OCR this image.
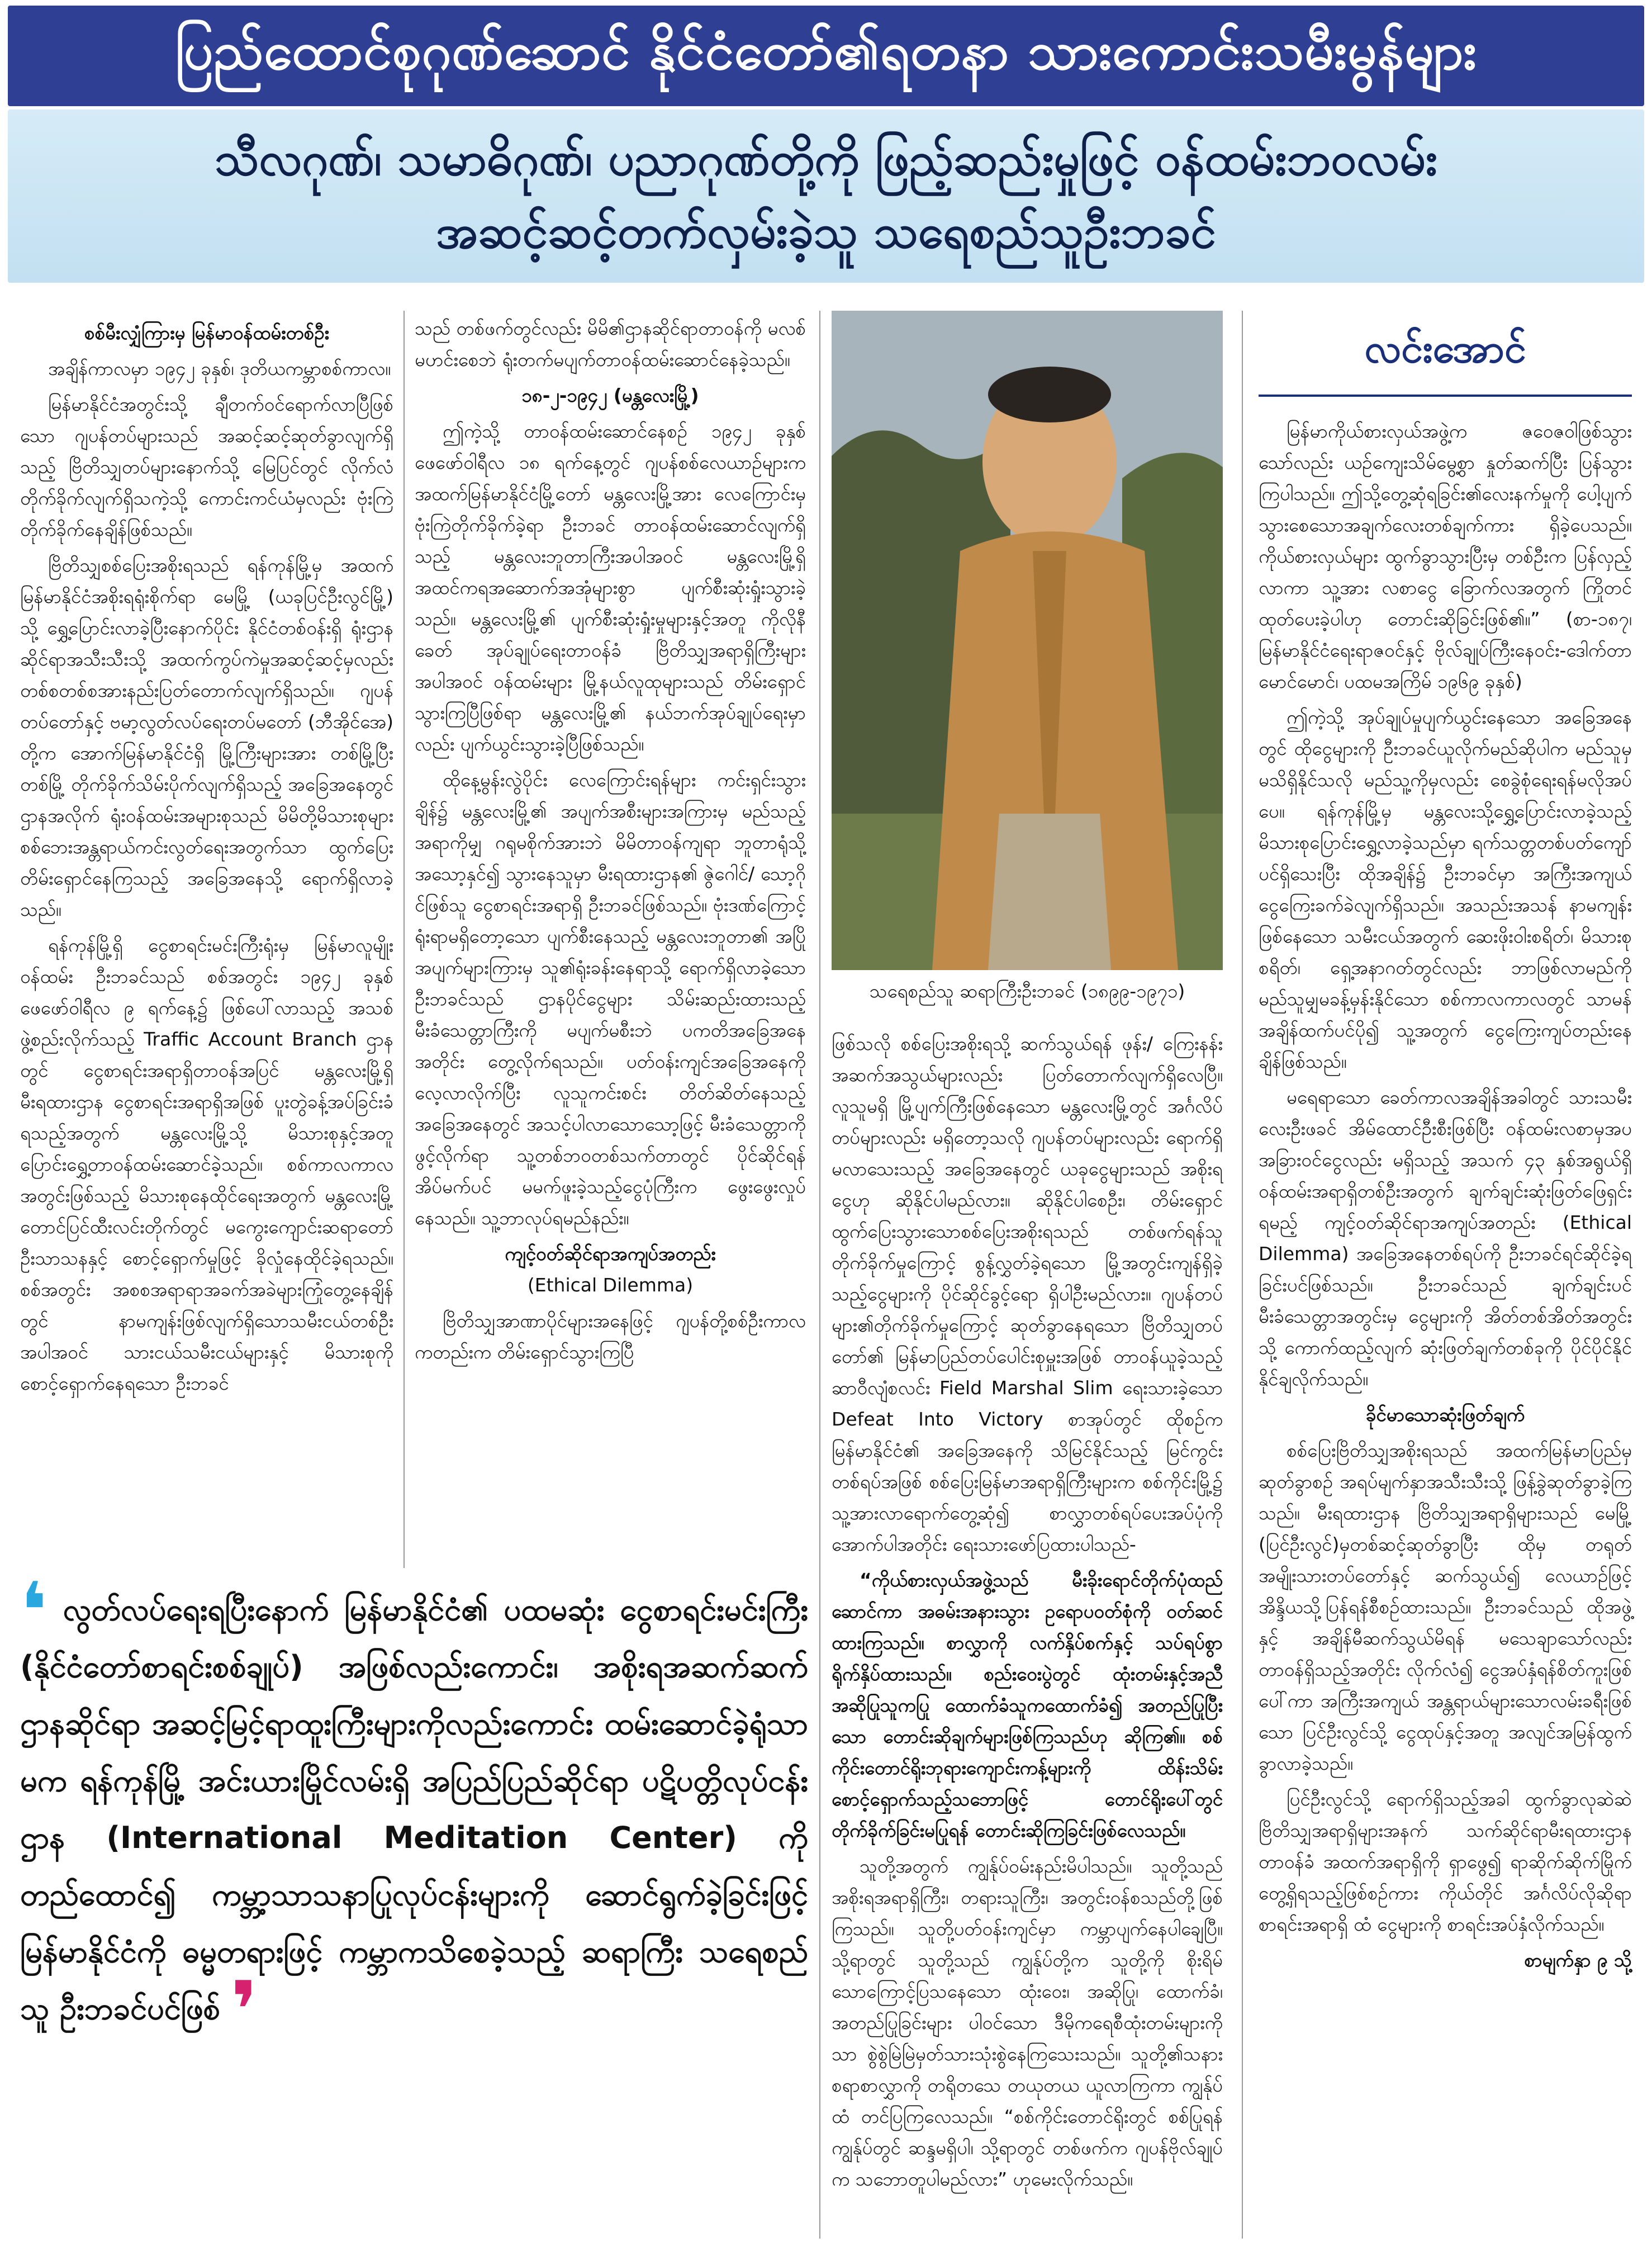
ပြည်ထောင်စုဂုဏ်ဆောင် နိုင်ငံတော်၏ရတနာ သားကောင်းသမီးမွန်များ
သီလဂုဏ်၊ သမာဓိဂုဏ်၊ ပညာဂုဏ်တို့ကို ဖြည့်ဆည်းမှုဖြင့် ဝန်ထမ်းဘဝလမ်း
အဆင့်ဆင့်တက်လှမ်းခဲ့သူ သရေစည်သူဦးဘခင်

စစ်မီးလျှံကြားမှ မြန်မာဝန်ထမ်းတစ်ဦး

အချိန်ကာလမှာ ၁၉၄၂ ခုနှစ်၊ ဒုတိယကမ္ဘာစစ်ကာလ။

မြန်မာနိုင်ငံအတွင်းသို့ ချီတက်ဝင်ရောက်လာပြီဖြစ်သော ဂျပန်တပ်များသည် အဆင့်ဆင့်ဆုတ်ခွာလျက်ရှိသည့် ဗြိတိသျှတပ်များနောက်သို့ မြေပြင်တွင် လိုက်လံတိုက်ခိုက်လျက်ရှိသကဲ့သို့ ကောင်းကင်ယံမှလည်း ဗုံးကြဲတိုက်ခိုက်နေချိန်ဖြစ်သည်။

ဗြိတိသျှစစ်ပြေးအစိုးရသည် ရန်ကုန်မြို့မှ အထက်မြန်မာနိုင်ငံအစိုးရရုံးစိုက်ရာ မေမြို့ (ယခုပြင်ဦးလွင်မြို့) သို့ ရွှေ့ပြောင်းလာခဲ့ပြီးနောက်ပိုင်း နိုင်ငံတစ်ဝန်းရှိ ရုံးဌာနဆိုင်ရာအသီးသီးသို့ အထက်ကွပ်ကဲမှုအဆင့်ဆင့်မှလည်း တစ်စတစ်စအားနည်းပြတ်တောက်လျက်ရှိသည်။ ဂျပန်တပ်တော်နှင့် ဗမာ့လွတ်လပ်ရေးတပ်မတော် (ဘီအိုင်အေ) တို့က အောက်မြန်မာနိုင်ငံရှိ မြို့ကြီးများအား တစ်မြို့ပြီးတစ်မြို့ တိုက်ခိုက်သိမ်းပိုက်လျက်ရှိသည့် အခြေအနေတွင် ဌာနအလိုက် ရုံးဝန်ထမ်းအများစုသည် မိမိတို့မိသားစုများ စစ်ဘေးအန္တရာယ်ကင်းလွတ်ရေးအတွက်သာ ထွက်ပြေးတိမ်းရှောင်နေကြသည့် အခြေအနေသို့ ရောက်ရှိလာခဲ့သည်။

ရန်ကုန်မြို့ရှိ ငွေစာရင်းမင်းကြီးရုံးမှ မြန်မာလူမျိုးဝန်ထမ်း ဦးဘခင်သည် စစ်အတွင်း ၁၉၄၂ ခုနှစ် ဖေဖော်ဝါရီလ ၉ ရက်နေ့၌ ဖြစ်ပေါ်လာသည့် အသစ်ဖွဲ့စည်းလိုက်သည့် Traffic Account Branch ဌာနတွင် ငွေစာရင်းအရာရှိတာဝန်အပြင် မန္တလေးမြို့ရှိ မီးရထားဌာန ငွေစာရင်းအရာရှိအဖြစ် ပူးတွဲခန့်အပ်ခြင်းခံရသည့်အတွက် မန္တလေးမြို့သို့ မိသားစုနှင့်အတူ ပြောင်းရွှေ့တာဝန်ထမ်းဆောင်ခဲ့သည်။ စစ်ကာလကာလအတွင်းဖြစ်သည့် မိသားစုနေထိုင်ရေးအတွက် မန္တလေးမြို့ တောင်ပြင်ထီးလင်းတိုက်တွင် မကွေးကျောင်းဆရာတော်ဦးသာသနနှင့် စောင့်ရှောက်မှုဖြင့် ခိုလှုံနေထိုင်ခဲ့ရသည်။ စစ်အတွင်း အစစအရာရာအခက်အခဲများကြုံတွေ့နေချိန်တွင် နာမကျန်းဖြစ်လျက်ရှိသောသမီးငယ်တစ်ဦးအပါအဝင် သားငယ်သမီးငယ်များနှင့် မိသားစုကိုစောင့်ရှောက်နေရသော ဦးဘခင်

သည် တစ်ဖက်တွင်လည်း မိမိ၏ဌာနဆိုင်ရာတာဝန်ကို မလစ်မဟင်းစေဘဲ ရုံးတက်မပျက်တာဝန်ထမ်းဆောင်နေခဲ့သည်။

၁၈-၂-၁၉၄၂ (မန္တလေးမြို့)

ဤကဲ့သို့ တာဝန်ထမ်းဆောင်နေစဉ် ၁၉၄၂ ခုနှစ် ဖေဖော်ဝါရီလ ၁၈ ရက်နေ့တွင် ဂျပန်စစ်လေယာဉ်များက အထက်မြန်မာနိုင်ငံမြို့တော် မန္တလေးမြို့အား လေကြောင်းမှ ဗုံးကြဲတိုက်ခိုက်ခဲ့ရာ ဦးဘခင် တာဝန်ထမ်းဆောင်လျက်ရှိသည့် မန္တလေးဘူတာကြီးအပါအဝင် မန္တလေးမြို့ရှိ အထင်ကရအဆောက်အအုံများစွာ ပျက်စီးဆုံးရှုံးသွားခဲ့သည်။ မန္တလေးမြို့၏ ပျက်စီးဆုံးရှုံးမှုများနှင့်အတူ ကိုလိုနီခေတ် အုပ်ချုပ်ရေးတာဝန်ခံ ဗြိတိသျှအရာရှိကြီးများအပါအဝင် ဝန်ထမ်းများ မြို့နယ်လူထုများသည် တိမ်းရှောင်သွားကြပြီဖြစ်ရာ မန္တလေးမြို့၏ နယ်ဘက်အုပ်ချုပ်ရေးမှာလည်း ပျက်ယွင်းသွားခဲ့ပြီဖြစ်သည်။

ထိုနေ့မွန်းလွဲပိုင်း လေကြောင်းရန်များ ကင်းရှင်းသွားချိန်၌ မန္တလေးမြို့၏ အပျက်အစီးများအကြားမှ မည်သည့်အရာကိုမျှ ဂရုမစိုက်အားဘဲ မိမိတာဝန်ကျရာ ဘူတာရုံသို့ အသော့နှင်၍ သွားနေသူမှာ မီးရထားဌာန၏ ဇွဲဂေါင်/ သော့ဂိုင်ဖြစ်သူ ငွေစာရင်းအရာရှိ ဦးဘခင်ဖြစ်သည်။ ဗုံးဒဏ်ကြောင့် ရုံးရာမရှိတော့သော ပျက်စီးနေသည့် မန္တလေးဘူတာ၏ အပြိုအပျက်များကြားမှ သူ၏ရုံးခန်းနေရာသို့ ရောက်ရှိလာခဲ့သော ဦးဘခင်သည် ဌာနပိုင်ငွေများ သိမ်းဆည်းထားသည့် မီးခံသေတ္တာကြီးကို မပျက်မစီးဘဲ ပကတိအခြေအနေအတိုင်း တွေ့လိုက်ရသည်။ ပတ်ဝန်းကျင်အခြေအနေကို လေ့လာလိုက်ပြီး လူသူကင်းစင်း တိတ်ဆိတ်နေသည့်အခြေအနေတွင် အသင့်ပါလာသောသော့ဖြင့် မီးခံသေတ္တာကို ဖွင့်လိုက်ရာ သူ့တစ်ဘဝတစ်သက်တာတွင် ပိုင်ဆိုင်ရန် အိပ်မက်ပင် မမက်ဖူးခဲ့သည့်ငွေပုံကြီးက ဖွေးဖွေးလှုပ်နေသည်။ သူ့ဘာလုပ်ရမည်နည်း။

ကျင့်ဝတ်ဆိုင်ရာအကျပ်အတည်း

(Ethical Dilemma)

ဗြိတိသျှအာဏာပိုင်များအနေဖြင့် ဂျပန်တို့စစ်ဦးကာလကတည်းက တိမ်းရှောင်သွားကြပြီ

သရေစည်သူ ဆရာကြီးဦးဘခင် (၁၈၉၉-၁၉၇၁)

ဖြစ်သလို စစ်ပြေးအစိုးရသို့ ဆက်သွယ်ရန် ဖုန်း/ ကြေးနန်းအဆက်အသွယ်များလည်း ပြတ်တောက်လျက်ရှိလေပြီ။ လူသူမရှိ မြို့ပျက်ကြီးဖြစ်နေသော မန္တလေးမြို့တွင် အင်္ဂလိပ်တပ်များလည်း မရှိတော့သလို ဂျပန်တပ်များလည်း ရောက်ရှိမလာသေးသည့် အခြေအနေတွင် ယခုငွေများသည် အစိုးရငွေဟု ဆိုနိုင်ပါမည်လား။ ဆိုနိုင်ပါစေဦး၊ တိမ်းရှောင်ထွက်ပြေးသွားသောစစ်ပြေးအစိုးရသည် တစ်ဖက်ရန်သူတိုက်ခိုက်မှုကြောင့် စွန့်လွှတ်ခဲ့ရသော မြို့အတွင်းကျန်ရှိခဲ့သည့်ငွေများကို ပိုင်ဆိုင်ခွင့်ရော ရှိပါဦးမည်လား။ ဂျပန်တပ်များ၏တိုက်ခိုက်မှုကြောင့် ဆုတ်ခွာနေရသော ဗြိတိသျှတပ်တော်၏ မြန်မာပြည်တပ်ပေါင်းစုမှူးအဖြစ် တာဝန်ယူခဲ့သည့် ဆာဝီလျံစလင်း Field Marshal Slim ရေးသားခဲ့သော Defeat Into Victory စာအုပ်တွင် ထိုစဉ်က မြန်မာနိုင်ငံ၏ အခြေအနေကို သိမြင်နိုင်သည့် မြင်ကွင်းတစ်ရပ်အဖြစ် စစ်ပြေးမြန်မာအရာရှိကြီးများက စစ်ကိုင်းမြို့၌ သူ့အားလာရောက်တွေ့ဆုံ၍ စာလွှာတစ်ရပ်ပေးအပ်ပုံကို အောက်ပါအတိုင်း ရေးသားဖော်ပြထားပါသည်-

“ကိုယ်စားလှယ်အဖွဲ့သည် မီးခိုးရောင်တိုက်ပုံထည်ဆောင်ကာ အဓမ်းအနားသွား ဥရောပဝတ်စုံကို ဝတ်ဆင်ထားကြသည်။ စာလွှာကို လက်နှိပ်စက်နှင့် သပ်ရပ်စွာ ရိုက်နှိပ်ထားသည်။ စည်းဝေးပွဲတွင် ထုံးတမ်းနှင့်အညီ အဆိုပြုသူကပြု ထောက်ခံသူကထောက်ခံ၍ အတည်ပြုပြီးသော တောင်းဆိုချက်များဖြစ်ကြသည်ဟု ဆိုကြ၏။ စစ်ကိုင်းတောင်ရိုးဘုရားကျောင်းကန့်များကို ထိန်းသိမ်းစောင့်ရှောက်သည့်သဘောဖြင့် တောင်ရိုးပေါ်တွင် တိုက်ခိုက်ခြင်းမပြုရန် တောင်းဆိုကြခြင်းဖြစ်လေသည်။

သူတို့အတွက် ကျွန်ုပ်ဝမ်းနည်းမိပါသည်။ သူတို့သည် အစိုးရအရာရှိကြီး၊ တရားသူကြီး၊ အတွင်းဝန်စသည်တို့ဖြစ်ကြသည်။ သူတို့ပတ်ဝန်းကျင်မှာ ကမ္ဘာပျက်နေပါချေပြီ။ သို့ရာတွင် သူတို့သည် ကျွန်ုပ်တို့က သူတို့ကို စိုးရိမ်သောကြောင့်ပြသနေသော ထုံးဝေး၊ အဆိုပြု၊ ထောက်ခံ၊ အတည်ပြုခြင်းများ ပါဝင်သော ဒီမိုကရေစီထုံးတမ်းများကိုသာ စွဲစွဲမြဲမြဲမှတ်သားသုံးစွဲနေကြသေးသည်။ သူတို့၏သနားစရာစာလွှာကို တရိုတသေ တယုတယ ယူလာကြကာ ကျွန်ုပ်ထံ တင်ပြကြလေသည်။ “စစ်ကိုင်းတောင်ရိုးတွင် စစ်ပြုရန် ကျွန်ုပ်တွင် ဆန္ဒမရှိပါ၊ သို့ရာတွင် တစ်ဖက်က ဂျပန်ဗိုလ်ချုပ်က သဘောတူပါမည်လား” ဟုမေးလိုက်သည်။

လင်းအောင်

မြန်မာကိုယ်စားလှယ်အဖွဲ့က ဇဝေဇဝါဖြစ်သွားသော်လည်း ယဉ်ကျေးသိမ်မွေ့စွာ နှုတ်ဆက်ပြီး ပြန်သွားကြပါသည်။ ဤသို့တွေ့ဆုံရခြင်း၏လေးနက်မှုကို ပေါ့ပျက်သွားစေသောအချက်လေးတစ်ချက်ကား ရှိခဲ့ပေသည်။ ကိုယ်စားလှယ်များ ထွက်ခွာသွားပြီးမှ တစ်ဦးက ပြန်လှည့်လာကာ သူ့အား လစာငွေ ခြောက်လအတွက် ကြိုတင်ထုတ်ပေးခဲ့ပါဟု တောင်းဆိုခြင်းဖြစ်၏။” (စာ-၁၈၇၊ မြန်မာနိုင်ငံရေးရာဇဝင်နှင့် ဗိုလ်ချုပ်ကြီးနေဝင်း-ဒေါက်တာမောင်မောင်၊ ပထမအကြိမ် ၁၉၆၉ ခုနှစ်)

ဤကဲ့သို့ အုပ်ချုပ်မှုပျက်ယွင်းနေသော အခြေအနေတွင် ထိုငွေများကို ဦးဘခင်ယူလိုက်မည်ဆိုပါက မည်သူမှ မသိရှိနိုင်သလို မည်သူ့ကိုမှလည်း စေခွဲစုံရေးရန်မလိုအပ်ပေ။ ရန်ကုန်မြို့မှ မန္တလေးသို့ရွှေ့ပြောင်းလာခဲ့သည့် မိသားစုပြောင်းရွှေ့လာခဲ့သည်မှာ ရက်သတ္တတစ်ပတ်ကျော်ပင်ရှိသေးပြီး ထိုအချိန်၌ ဦးဘခင်မှာ အကြီးအကျယ် ငွေကြေးခက်ခဲလျက်ရှိသည်။ အသည်းအသန် နာမကျန်းဖြစ်နေသော သမီးငယ်အတွက် ဆေးဖိုးဝါးစရိတ်၊ မိသားစုစရိတ်၊ ရှေ့အနာဂတ်တွင်လည်း ဘာဖြစ်လာမည်ကို မည်သူမျှမခန့်မှန်းနိုင်သော စစ်ကာလကာလတွင် သာမန်အချိန်ထက်ပင်ပို၍ သူ့အတွက် ငွေကြေးကျပ်တည်းနေချိန်ဖြစ်သည်။

မရေရာသော ခေတ်ကာလအချိန်အခါတွင် သားသမီးလေးဦးဖခင် အိမ်ထောင်ဦးစီးဖြစ်ပြီး ဝန်ထမ်းလစာမှအပ အခြားဝင်ငွေလည်း မရှိသည့် အသက် ၄၃ နှစ်အရွယ်ရှိ ဝန်ထမ်းအရာရှိတစ်ဦးအတွက် ချက်ချင်းဆုံးဖြတ်ဖြေရှင်းရမည့် ကျင့်ဝတ်ဆိုင်ရာအကျပ်အတည်း (Ethical Dilemma) အခြေအနေတစ်ရပ်ကို ဦးဘခင်ရင်ဆိုင်ခဲ့ရခြင်းပင်ဖြစ်သည်။ ဦးဘခင်သည် ချက်ချင်းပင် မီးခံသေတ္တာအတွင်းမှ ငွေများကို အိတ်တစ်အိတ်အတွင်းသို့ ကောက်ထည့်လျက် ဆုံးဖြတ်ချက်တစ်ခုကို ပိုင်ပိုင်နိုင်နိုင်ချလိုက်သည်။

ခိုင်မာသောဆုံးဖြတ်ချက်

စစ်ပြေးဗြိတိသျှအစိုးရသည် အထက်မြန်မာပြည်မှ ဆုတ်ခွာစဉ် အရပ်မျက်နှာအသီးသီးသို့ ဖြန့်ခွဲဆုတ်ခွာခဲ့ကြသည်။ မီးရထားဌာန ဗြိတိသျှအရာရှိများသည် မေမြို့ (ပြင်ဦးလွင်)မှတစ်ဆင့်ဆုတ်ခွာပြီး ထိုမှ တရုတ်အမျိုးသားတပ်တော်နှင့် ဆက်သွယ်၍ လေယာဉ်ဖြင့် အိန္ဒိယသို့ပြန်ရန်စီစဉ်ထားသည်။ ဦးဘခင်သည် ထိုအဖွဲ့နှင့် အချိန်မီဆက်သွယ်မိရန် မသေချာသော်လည်း တာဝန်ရှိသည့်အတိုင်း လိုက်လံ၍ ငွေအပ်နှံရန်စိတ်ကူးဖြစ်ပေါ်ကာ အကြီးအကျယ် အန္တရာယ်များသောလမ်းခရီးဖြစ်သော ပြင်ဦးလွင်သို့ ငွေထုပ်နှင့်အတူ အလျင်အမြန်ထွက်ခွာလာခဲ့သည်။

ပြင်ဦးလွင်သို့ ရောက်ရှိသည့်အခါ ထွက်ခွာလုဆဲဆဲ ဗြိတိသျှအရာရှိများအနက် သက်ဆိုင်ရာမီးရထားဌာနတာဝန်ခံ အထက်အရာရှိကို ရှာဖွေ၍ ရာဆိုက်ဆိုက်မြိုက်တွေ့ရှိရသည့်ဖြစ်စဉ်ကား ကိုယ်တိုင် အင်္ဂလိပ်လိုဆိုရာ စာရင်းအရာရှိ ထံ ငွေများကို စာရင်းအပ်နှံလိုက်သည်။

စာမျက်နှာ ၉ သို့

❛ လွတ်လပ်ရေးရပြီးနောက် မြန်မာနိုင်ငံ၏ ပထမဆုံး ငွေစာရင်းမင်းကြီး (နိုင်ငံတော်စာရင်းစစ်ချုပ်) အဖြစ်လည်းကောင်း၊ အစိုးရအဆက်ဆက် ဌာနဆိုင်ရာ အဆင့်မြင့်ရာထူးကြီးများကိုလည်းကောင်း ထမ်းဆောင်ခဲ့ရုံသာမက ရန်ကုန်မြို့ အင်းယားမြိုင်လမ်းရှိ အပြည်ပြည်ဆိုင်ရာ ပဋိပတ္တိလုပ်ငန်းဌာန (International Meditation Center) ကို တည်ထောင်၍ ကမ္ဘာ့သာသနာပြုလုပ်ငန်းများကို ဆောင်ရွက်ခဲ့ခြင်းဖြင့် မြန်မာနိုင်ငံကို ဓမ္မတရားဖြင့် ကမ္ဘာကသိစေခဲ့သည့် ဆရာကြီး သရေစည်သူ ဦးဘခင်ပင်ဖြစ် ❜
